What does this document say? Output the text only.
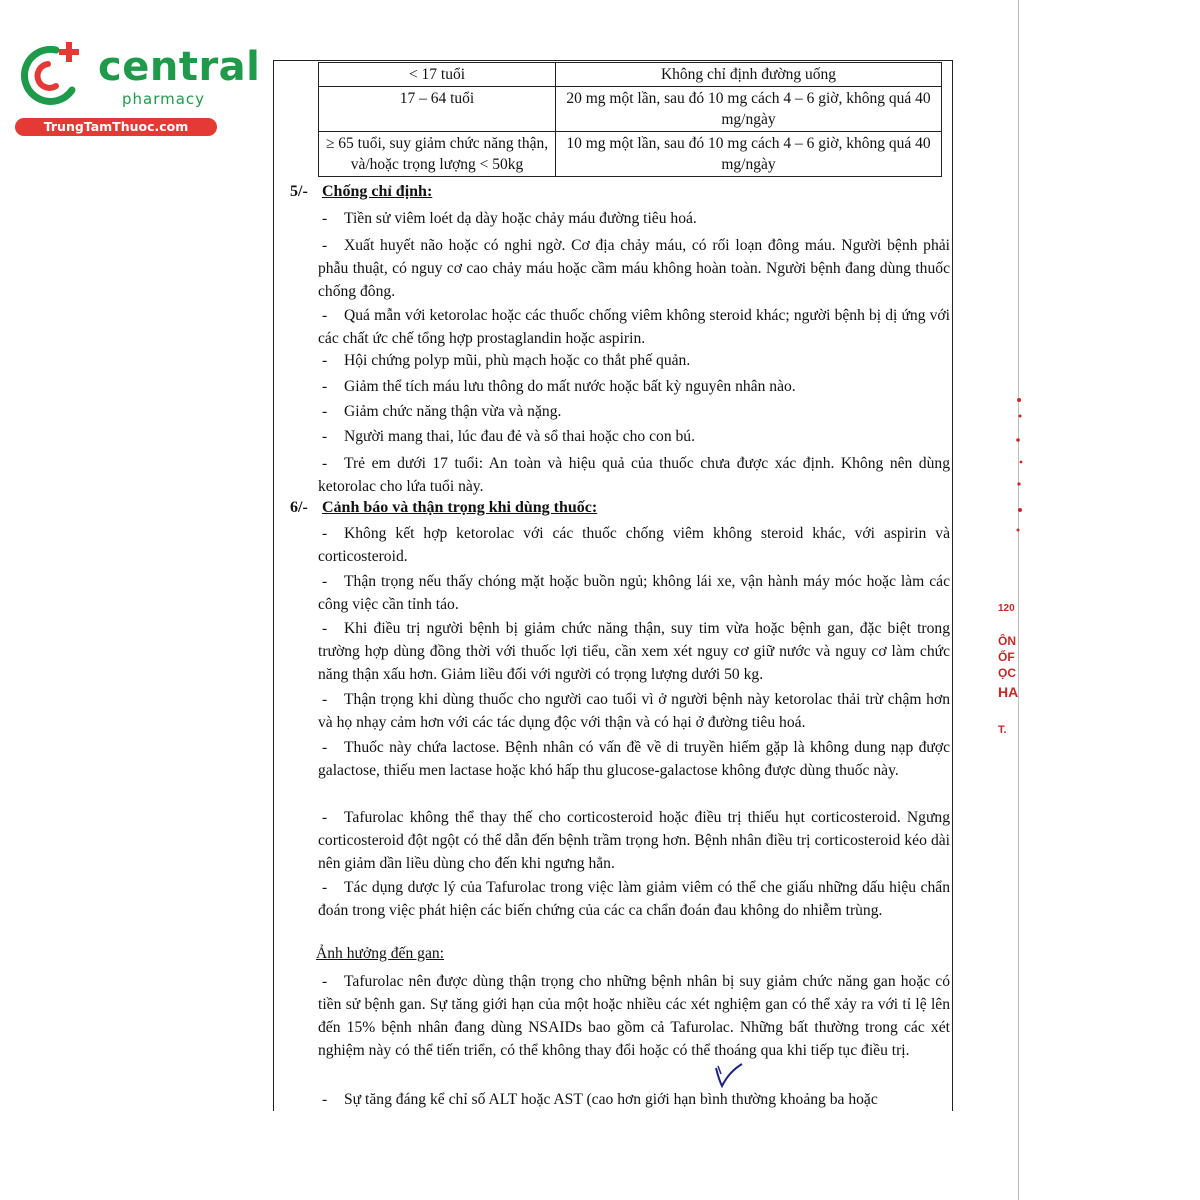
central
pharmacy
TrungTamThuoc.com
< 17 tuổi	Không chỉ định đường uống
17 – 64 tuổi	20 mg một lần, sau đó 10 mg cách 4 – 6 giờ, không quá 40 mg/ngày
≥ 65 tuổi, suy giảm chức năng thận, và/hoặc trọng lượng < 50kg	10 mg một lần, sau đó 10 mg cách 4 – 6 giờ, không quá 40 mg/ngày
5/- Chống chỉ định:

- Tiền sử viêm loét dạ dày hoặc chảy máu đường tiêu hoá.

- Xuất huyết não hoặc có nghi ngờ. Cơ địa chảy máu, có rối loạn đông máu. Người bệnh phải phẫu thuật, có nguy cơ cao chảy máu hoặc cầm máu không hoàn toàn. Người bệnh đang dùng thuốc chống đông.

- Quá mẫn với ketorolac hoặc các thuốc chống viêm không steroid khác; người bệnh bị dị ứng với các chất ức chế tổng hợp prostaglandin hoặc aspirin.

- Hội chứng polyp mũi, phù mạch hoặc co thắt phế quản.

- Giảm thể tích máu lưu thông do mất nước hoặc bất kỳ nguyên nhân nào.

- Giảm chức năng thận vừa và nặng.

- Người mang thai, lúc đau đẻ và sổ thai hoặc cho con bú.

- Trẻ em dưới 17 tuổi: An toàn và hiệu quả của thuốc chưa được xác định. Không nên dùng ketorolac cho lứa tuổi này.

6/- Cảnh báo và thận trọng khi dùng thuốc:

- Không kết hợp ketorolac với các thuốc chống viêm không steroid khác, với aspirin và corticosteroid.

- Thận trọng nếu thấy chóng mặt hoặc buồn ngủ; không lái xe, vận hành máy móc hoặc làm các công việc cần tỉnh táo.

- Khi điều trị người bệnh bị giảm chức năng thận, suy tim vừa hoặc bệnh gan, đặc biệt trong trường hợp dùng đồng thời với thuốc lợi tiểu, cần xem xét nguy cơ giữ nước và nguy cơ làm chức năng thận xấu hơn. Giảm liều đối với người có trọng lượng dưới 50 kg.

- Thận trọng khi dùng thuốc cho người cao tuổi vì ở người bệnh này ketorolac thải trừ chậm hơn và họ nhạy cảm hơn với các tác dụng độc với thận và có hại ở đường tiêu hoá.

- Thuốc này chứa lactose. Bệnh nhân có vấn đề về di truyền hiếm gặp là không dung nạp được galactose, thiếu men lactase hoặc khó hấp thu glucose-galactose không được dùng thuốc này.

- Tafurolac không thể thay thế cho corticosteroid hoặc điều trị thiếu hụt corticosteroid. Ngưng corticosteroid đột ngột có thể dẫn đến bệnh trầm trọng hơn. Bệnh nhân điều trị corticosteroid kéo dài nên giảm dần liều dùng cho đến khi ngưng hẳn.

- Tác dụng dược lý của Tafurolac trong việc làm giảm viêm có thể che giấu những dấu hiệu chẩn đoán trong việc phát hiện các biến chứng của các ca chẩn đoán đau không do nhiễm trùng.

Ảnh hưởng đến gan:

- Tafurolac nên được dùng thận trọng cho những bệnh nhân bị suy giảm chức năng gan hoặc có tiền sử bệnh gan. Sự tăng giới hạn của một hoặc nhiều các xét nghiệm gan có thể xảy ra với tỉ lệ lên đến 15% bệnh nhân đang dùng NSAIDs bao gồm cả Tafurolac. Những bất thường trong các xét nghiệm này có thể tiến triển, có thể không thay đổi hoặc có thể thoáng qua khi tiếp tục điều trị.

- Sự tăng đáng kể chỉ số ALT hoặc AST (cao hơn giới hạn bình thường khoảng ba hoặc

120
ÔN
ỐF
ỌC
HA
T.
